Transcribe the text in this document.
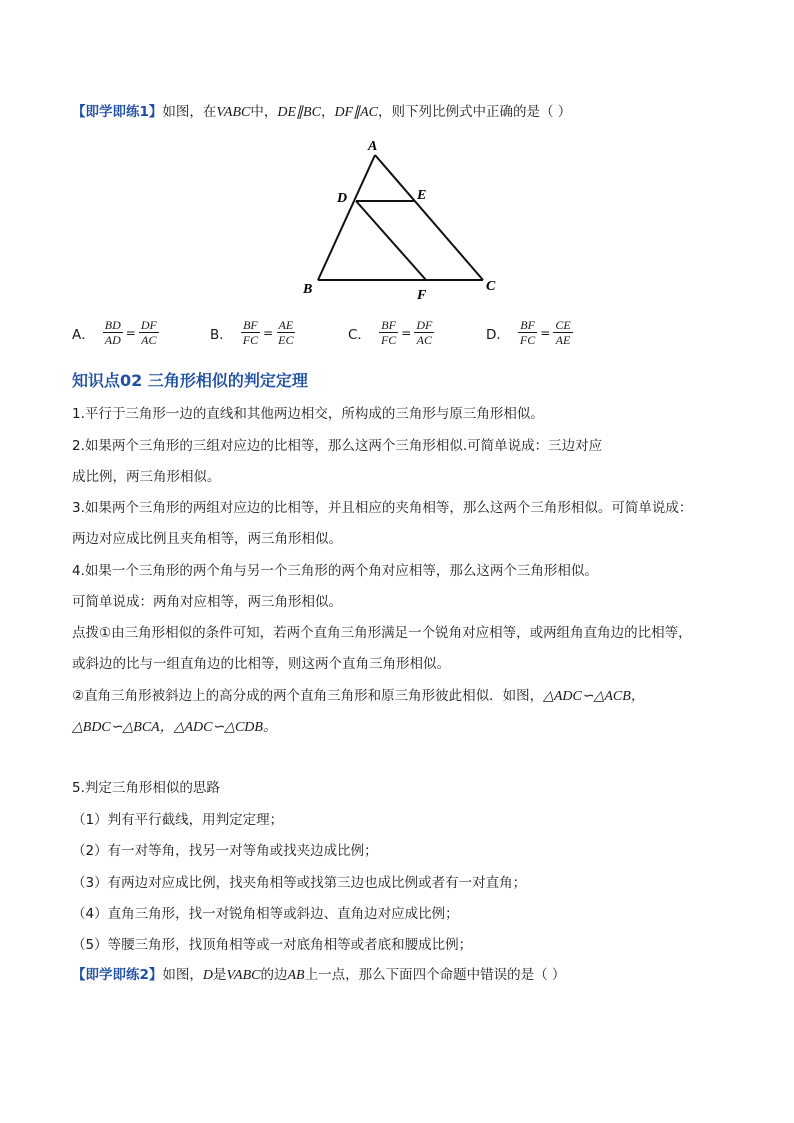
【即学即练1】如图，在VABC中，DE∥BC，DF∥AC，则下列比例式中正确的是（ ）
A
D	E
B	F
C
A． $\frac{BD}{AD} = \frac{DF}{AC}$	B． $\frac{BF}{FC} = \frac{AE}{EC}$	C． $\frac{BF}{FC} = \frac{DF}{AC}$	D． $\frac{BF}{FC} = \frac{CE}{AE}$
知识点02 三角形相似的判定定理
1.平行于三角形一边的直线和其他两边相交，所构成的三角形与原三角形相似。
2.如果两个三角形的三组对应边的比相等，那么这两个三角形相似.可简单说成：三边对应
成比例，两三角形相似。
3.如果两个三角形的两组对应边的比相等，并且相应的夹角相等，那么这两个三角形相似。可简单说成：
两边对应成比例且夹角相等，两三角形相似。
4.如果一个三角形的两个角与另一个三角形的两个角对应相等，那么这两个三角形相似。
可简单说成：两角对应相等，两三角形相似。
点拨①由三角形相似的条件可知，若两个直角三角形满足一个锐角对应相等，或两组角直角边的比相等，
或斜边的比与一组直角边的比相等，则这两个直角三角形相似。
②直角三角形被斜边上的高分成的两个直角三角形和原三角形彼此相似．如图，△ADC∽△ACB，
△BDC∽△BCA，△ADC∽△CDB。
5.判定三角形相似的思路
（1）判有平行截线，用判定定理；
（2）有一对等角，找另一对等角或找夹边成比例；
（3）有两边对应成比例，找夹角相等或找第三边也成比例或者有一对直角；
（4）直角三角形，找一对锐角相等或斜边、直角边对应成比例；
（5）等腰三角形，找顶角相等或一对底角相等或者底和腰成比例；
【即学即练2】如图，D是VABC的边AB上一点，那么下面四个命题中错误的是（ ）
